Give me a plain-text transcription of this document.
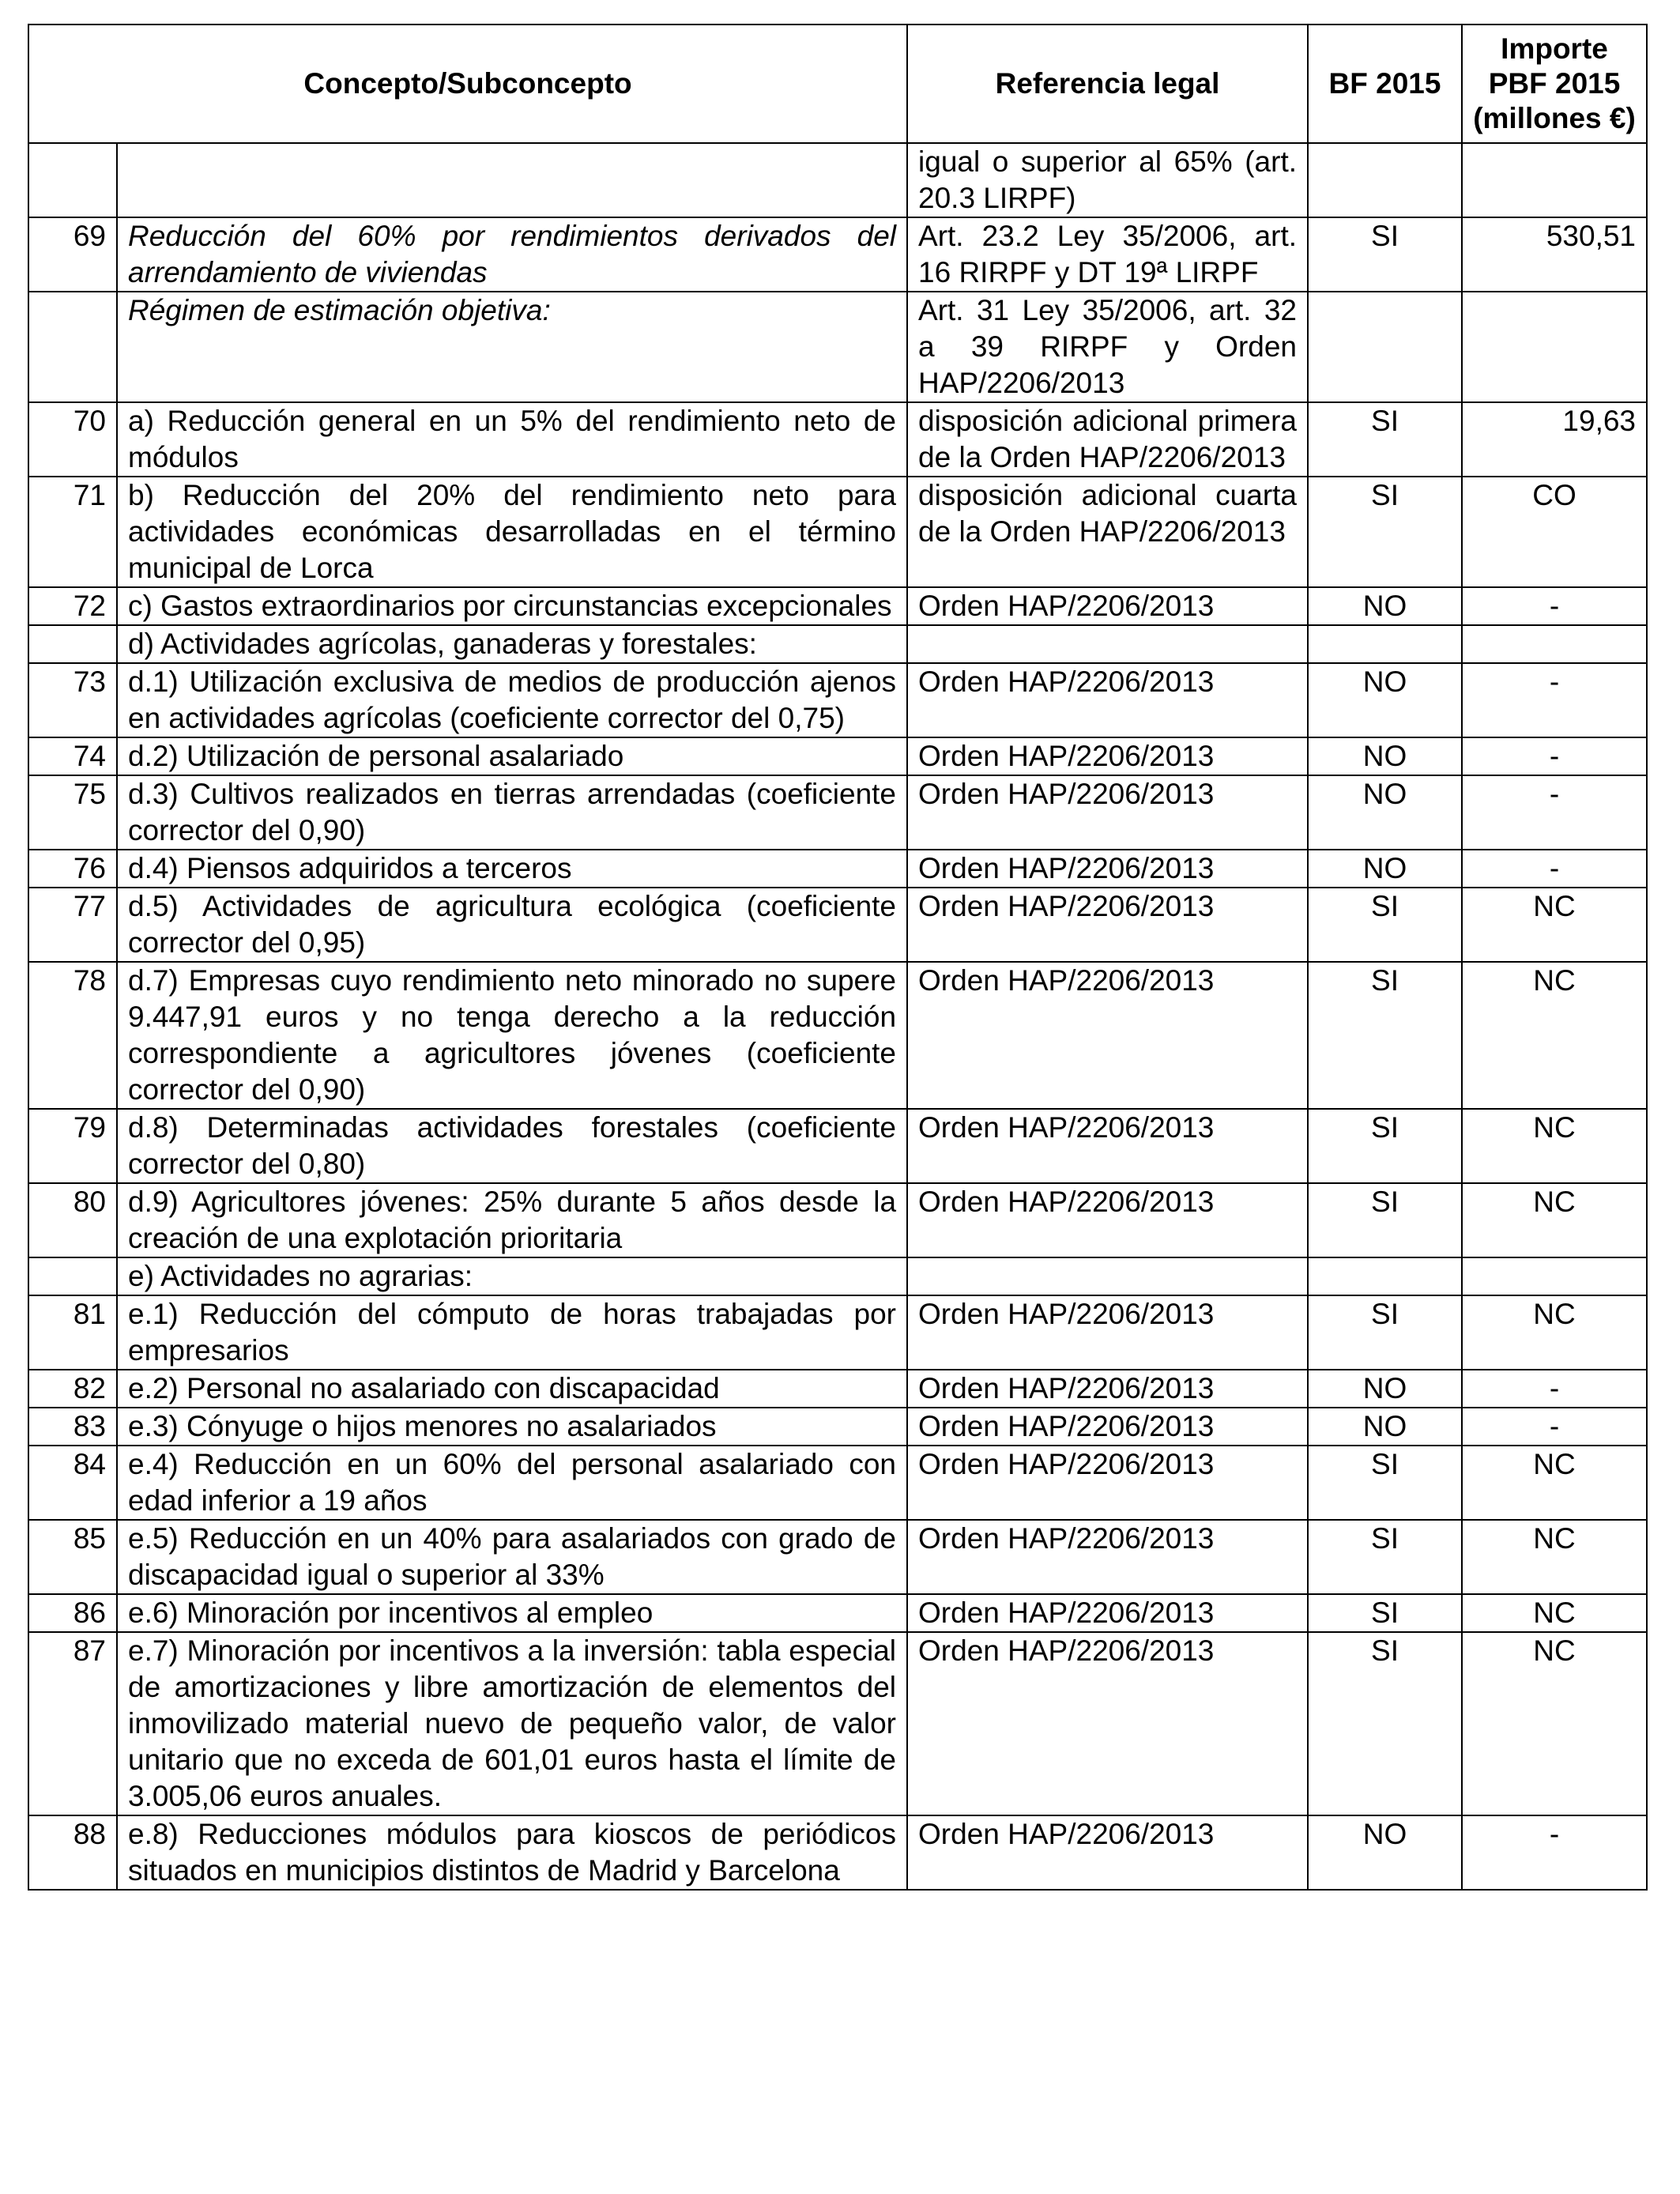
Concepto/Subconcepto		Referencia legal	BF 2015	Importe PBF 2015 (millones €)
		igual o superior al 65% (art. 20.3 LIRPF)		
69	Reducción del 60% por rendimientos derivados del arrendamiento de viviendas	Art. 23.2 Ley 35/2006, art. 16 RIRPF y DT 19ª LIRPF	SI	530,51
	Régimen de estimación objetiva:	Art. 31 Ley 35/2006, art. 32 a 39 RIRPF y Orden HAP/2206/2013		
70	a) Reducción general en un 5% del rendimiento neto de módulos	disposición adicional primera de la Orden HAP/2206/2013	SI	19,63
71	b) Reducción del 20% del rendimiento neto para actividades económicas desarrolladas en el término municipal de Lorca	disposición adicional cuarta de la Orden HAP/2206/2013	SI	CO
72	c) Gastos extraordinarios por circunstancias excepcionales	Orden HAP/2206/2013	NO	-
	d) Actividades agrícolas, ganaderas y forestales:			
73	d.1) Utilización exclusiva de medios de producción ajenos en actividades agrícolas (coeficiente corrector del 0,75)	Orden HAP/2206/2013	NO	-
74	d.2) Utilización de personal asalariado	Orden HAP/2206/2013	NO	-
75	d.3) Cultivos realizados en tierras arrendadas (coeficiente corrector del 0,90)	Orden HAP/2206/2013	NO	-
76	d.4) Piensos adquiridos a terceros	Orden HAP/2206/2013	NO	-
77	d.5) Actividades de agricultura ecológica (coeficiente corrector del 0,95)	Orden HAP/2206/2013	SI	NC
78	d.7) Empresas cuyo rendimiento neto minorado no supere 9.447,91 euros y no tenga derecho a la reducción correspondiente a agricultores jóvenes (coeficiente corrector del 0,90)	Orden HAP/2206/2013	SI	NC
79	d.8) Determinadas actividades forestales (coeficiente corrector del 0,80)	Orden HAP/2206/2013	SI	NC
80	d.9) Agricultores jóvenes: 25% durante 5 años desde la creación de una explotación prioritaria	Orden HAP/2206/2013	SI	NC
	e) Actividades no agrarias:			
81	e.1) Reducción del cómputo de horas trabajadas por empresarios	Orden HAP/2206/2013	SI	NC
82	e.2) Personal no asalariado con discapacidad	Orden HAP/2206/2013	NO	-
83	e.3) Cónyuge o hijos menores no asalariados	Orden HAP/2206/2013	NO	-
84	e.4) Reducción en un 60% del personal asalariado con edad inferior a 19 años	Orden HAP/2206/2013	SI	NC
85	e.5) Reducción en un 40% para asalariados con grado de discapacidad igual o superior al 33%	Orden HAP/2206/2013	SI	NC
86	e.6) Minoración por incentivos al empleo	Orden HAP/2206/2013	SI	NC
87	e.7) Minoración por incentivos a la inversión: tabla especial de amortizaciones y libre amortización de elementos del inmovilizado material nuevo de pequeño valor, de valor unitario que no exceda de 601,01 euros hasta el límite de 3.005,06 euros anuales.	Orden HAP/2206/2013	SI	NC
88	e.8) Reducciones módulos para kioscos de periódicos situados en municipios distintos de Madrid y Barcelona	Orden HAP/2206/2013	NO	-
